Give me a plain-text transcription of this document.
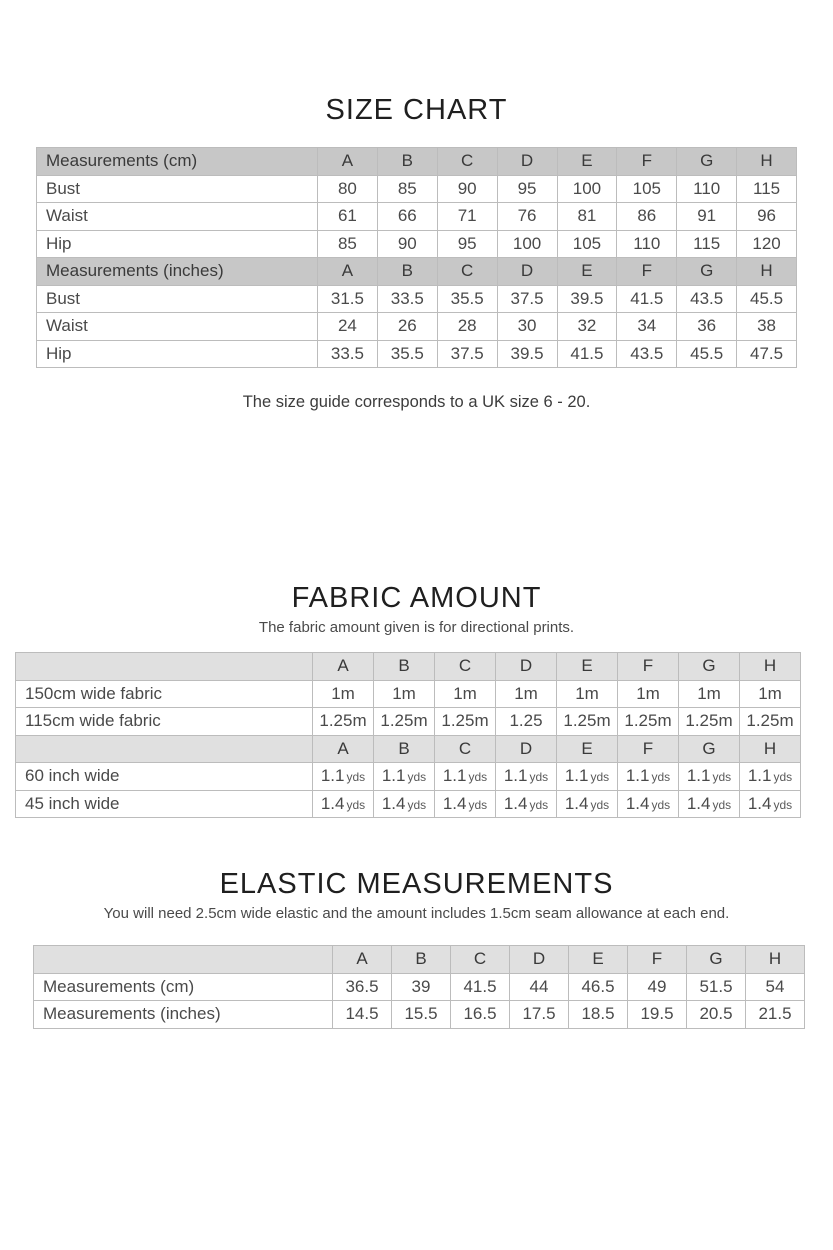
SIZE CHART
Measurements (cm)	A	B	C	D	E	F	G	H
Bust	80	85	90	95	100	105	110	115
Waist	61	66	71	76	81	86	91	96
Hip	85	90	95	100	105	110	115	120
Measurements (inches)	A	B	C	D	E	F	G	H
Bust	31.5	33.5	35.5	37.5	39.5	41.5	43.5	45.5
Waist	24	26	28	30	32	34	36	38
Hip	33.5	35.5	37.5	39.5	41.5	43.5	45.5	47.5

The size guide corresponds to a UK size 6 - 20.

FABRIC AMOUNT

The fabric amount given is for directional prints.

	A	B	C	D	E	F	G	H
150cm wide fabric	1m	1m	1m	1m	1m	1m	1m	1m
115cm wide fabric	1.25m	1.25m	1.25m	1.25	1.25m	1.25m	1.25m	1.25m
	A	B	C	D	E	F	G	H
60 inch wide	1.1 yds	1.1 yds	1.1 yds	1.1 yds	1.1 yds	1.1 yds	1.1 yds	1.1 yds
45 inch wide	1.4 yds	1.4 yds	1.4 yds	1.4 yds	1.4 yds	1.4 yds	1.4 yds	1.4 yds
ELASTIC MEASUREMENTS

You will need 2.5cm wide elastic and the amount includes 1.5cm seam allowance at each end.

	A	B	C	D	E	F	G	H
Measurements (cm)	36.5	39	41.5	44	46.5	49	51.5	54
Measurements (inches)	14.5	15.5	16.5	17.5	18.5	19.5	20.5	21.5
